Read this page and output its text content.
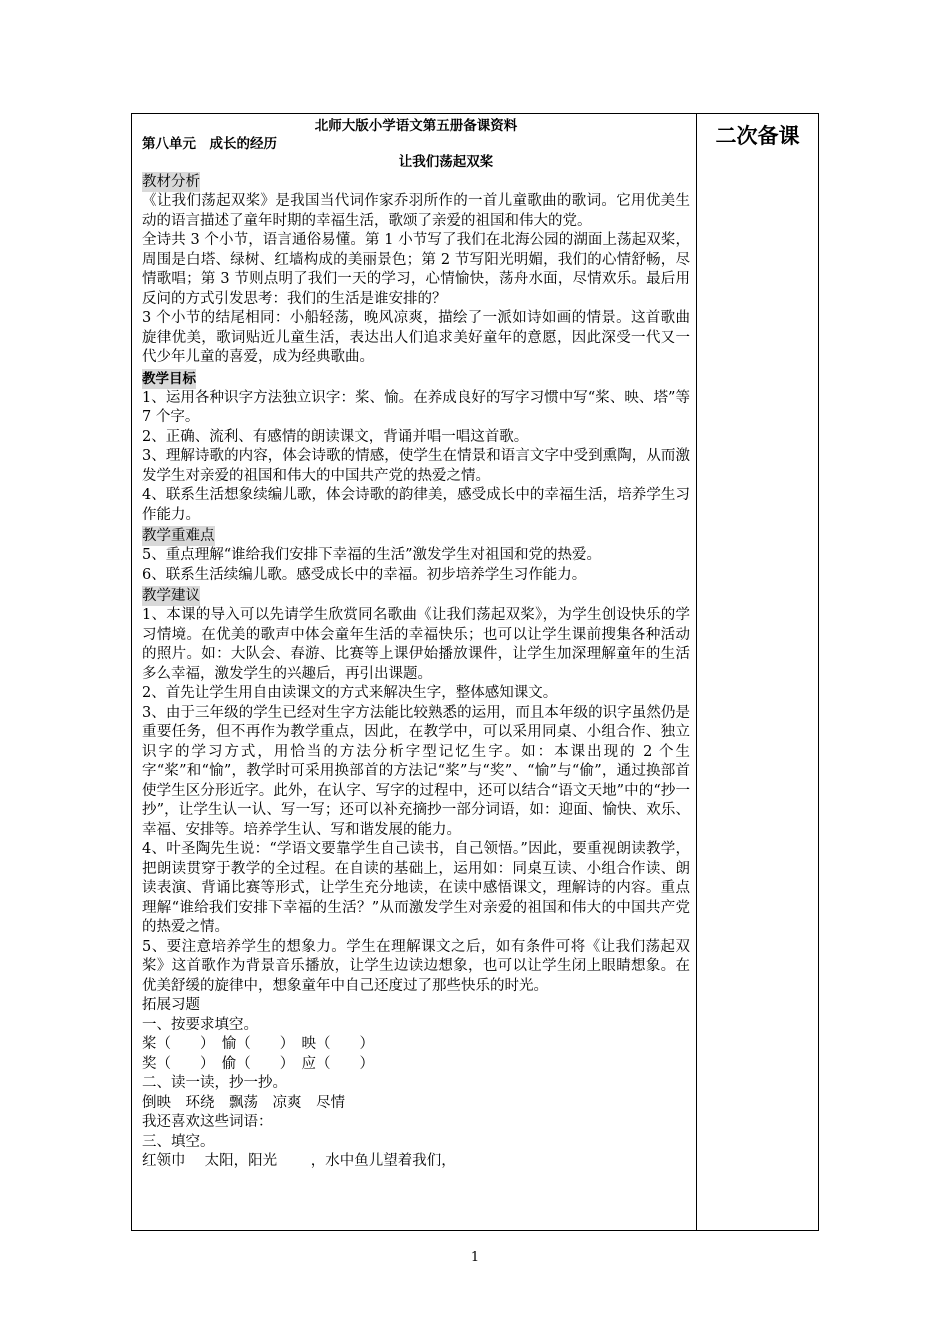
北师大版小学语文第五册备课资料
第八单元　成长的经历
让我们荡起双桨
教材分析

《让我们荡起双桨》是我国当代词作家乔羽所作的一首儿童歌曲的歌词。它用优美生动的语言描述了童年时期的幸福生活，歌颂了亲爱的祖国和伟大的党。

全诗共 3 个小节，语言通俗易懂。第 1 小节写了我们在北海公园的湖面上荡起双桨，周围是白塔、绿树、红墙构成的美丽景色；第 2 节写阳光明媚，我们的心情舒畅，尽情歌唱；第 3 节则点明了我们一天的学习，心情愉快，荡舟水面，尽情欢乐。最后用反问的方式引发思考：我们的生活是谁安排的？

3 个小节的结尾相同：小船轻荡，晚风凉爽，描绘了一派如诗如画的情景。这首歌曲旋律优美，歌词贴近儿童生活，表达出人们追求美好童年的意愿，因此深受一代又一代少年儿童的喜爱，成为经典歌曲。

教学目标

1、运用各种识字方法独立识字：桨、愉。在养成良好的写字习惯中写“桨、映、塔”等 7 个字。

2、正确、流利、有感情的朗读课文，背诵并唱一唱这首歌。

3、理解诗歌的内容，体会诗歌的情感，使学生在情景和语言文字中受到熏陶，从而激发学生对亲爱的祖国和伟大的中国共产党的热爱之情。

4、联系生活想象续编儿歌，体会诗歌的韵律美，感受成长中的幸福生活，培养学生习作能力。

教学重难点

5、重点理解“谁给我们安排下幸福的生活”激发学生对祖国和党的热爱。

6、联系生活续编儿歌。感受成长中的幸福。初步培养学生习作能力。

教学建议

1、本课的导入可以先请学生欣赏同名歌曲《让我们荡起双桨》，为学生创设快乐的学习情境。在优美的歌声中体会童年生活的幸福快乐；也可以让学生课前搜集各种活动的照片。如：大队会、春游、比赛等上课伊始播放课件，让学生加深理解童年的生活多么幸福，激发学生的兴趣后，再引出课题。

2、首先让学生用自由读课文的方式来解决生字，整体感知课文。

3、由于三年级的学生已经对生字方法能比较熟悉的运用，而且本年级的识字虽然仍是重要任务，但不再作为教学重点，因此，在教学中，可以采用同桌、小组合作、独立识字的学习方式，用恰当的方法分析字型记忆生字。如：本课出现的 2 个生字“桨”和“愉”，教学时可采用换部首的方法记“桨”与“奖”、“愉”与“偷”，通过换部首使学生区分形近字。此外，在认字、写字的过程中，还可以结合“语文天地”中的“抄一抄”，让学生认一认、写一写；还可以补充摘抄一部分词语，如：迎面、愉快、欢乐、幸福、安排等。培养学生认、写和谐发展的能力。

4、叶圣陶先生说：“学语文要靠学生自己读书，自己领悟。”因此，要重视朗读教学，把朗读贯穿于教学的全过程。在自读的基础上，运用如：同桌互读、小组合作读、朗读表演、背诵比赛等形式，让学生充分地读，在读中感悟课文，理解诗的内容。重点理解“谁给我们安排下幸福的生活？”从而激发学生对亲爱的祖国和伟大的中国共产党的热爱之情。

5、要注意培养学生的想象力。学生在理解课文之后，如有条件可将《让我们荡起双桨》这首歌作为背景音乐播放，让学生边读边想象，也可以让学生闭上眼睛想象。在优美舒缓的旋律中，想象童年中自己还度过了那些快乐的时光。

拓展习题

一、按要求填空。

桨（　　）　愉（　　）　映（　　）

奖（　　）　偷（　　）　应（　　）

二、读一读，抄一抄。

倒映　环绕　飘荡　凉爽　尽情

我还喜欢这些词语：

三、填空。

红领巾　 太阳，阳光　　 ，水中鱼儿望着我们，

二次备课
1
